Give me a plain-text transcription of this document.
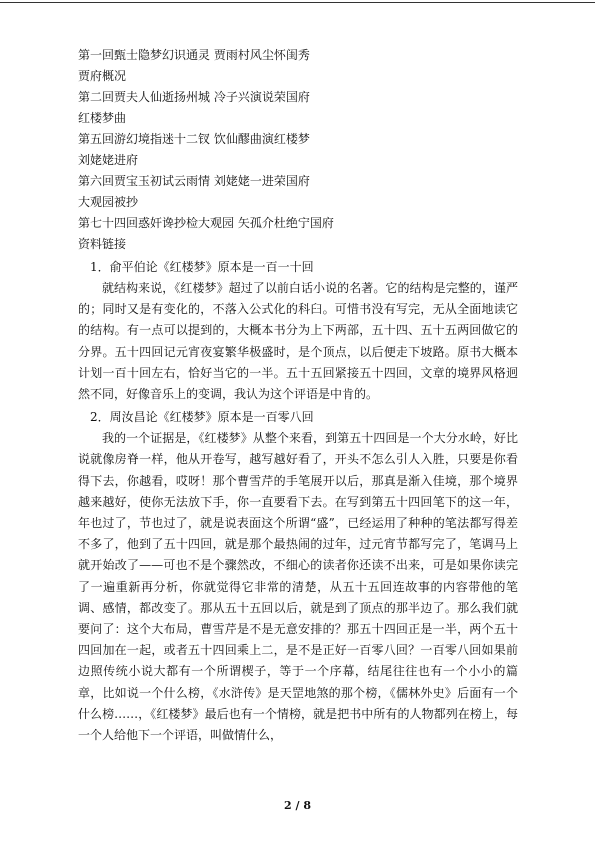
第一回甄士隐梦幻识通灵 贾雨村风尘怀闺秀
贾府概况
第二回贾夫人仙逝扬州城 冷子兴演说荣国府
红楼梦曲
第五回游幻境指迷十二钗 饮仙醪曲演红楼梦
刘姥姥进府
第六回贾宝玉初试云雨情 刘姥姥一进荣国府
大观园被抄
第七十四回惑奸谗抄检大观园 矢孤介杜绝宁国府
资料链接
1．俞平伯论《红楼梦》原本是一百一十回

就结构来说，《红楼梦》超过了以前白话小说的名著。它的结构是完整的，谨严的；同时又是有变化的，不落入公式化的科臼。可惜书没有写完，无从全面地读它的结构。有一点可以提到的，大概本书分为上下两部，五十四、五十五两回做它的分界。五十四回记元宵夜宴繁华极盛时，是个顶点，以后便走下坡路。原书大概本计划一百十回左右，恰好当它的一半。五十五回紧接五十四回，文章的境界风格迥然不同，好像音乐上的变调，我认为这个评语是中肯的。

2．周汝昌论《红楼梦》原本是一百零八回

我的一个证据是，《红楼梦》从整个来看，到第五十四回是一个大分水岭，好比说就像房脊一样，他从开卷写，越写越好看了，开头不怎么引人入胜，只要是你看得下去，你越看，哎呀！那个曹雪芹的手笔展开以后，那真是渐入佳境，那个境界越来越好，使你无法放下手，你一直要看下去。在写到第五十四回笔下的这一年，年也过了，节也过了，就是说表面这个所谓“盛”，已经运用了种种的笔法都写得差不多了，他到了五十四回，就是那个最热闹的过年，过元宵节都写完了，笔调马上就开始改了——可也不是个骤然改，不细心的读者你还读不出来，可是如果你读完了一遍重新再分析，你就觉得它非常的清楚，从五十五回连故事的内容带他的笔调、感情，都改变了。那从五十五回以后，就是到了顶点的那半边了。那么我们就要问了：这个大布局，曹雪芹是不是无意安排的？那五十四回正是一半，两个五十四回加在一起，或者五十四回乘上二，是不是正好一百零八回？一百零八回如果前边照传统小说大都有一个所谓楔子，等于一个序幕，结尾往往也有一个小小的篇章，比如说一个什么榜，《水浒传》是天罡地煞的那个榜，《儒林外史》后面有一个什么榜……，《红楼梦》最后也有一个情榜，就是把书中所有的人物都列在榜上，每一个人给他下一个评语，叫做情什么，

2 / 8
